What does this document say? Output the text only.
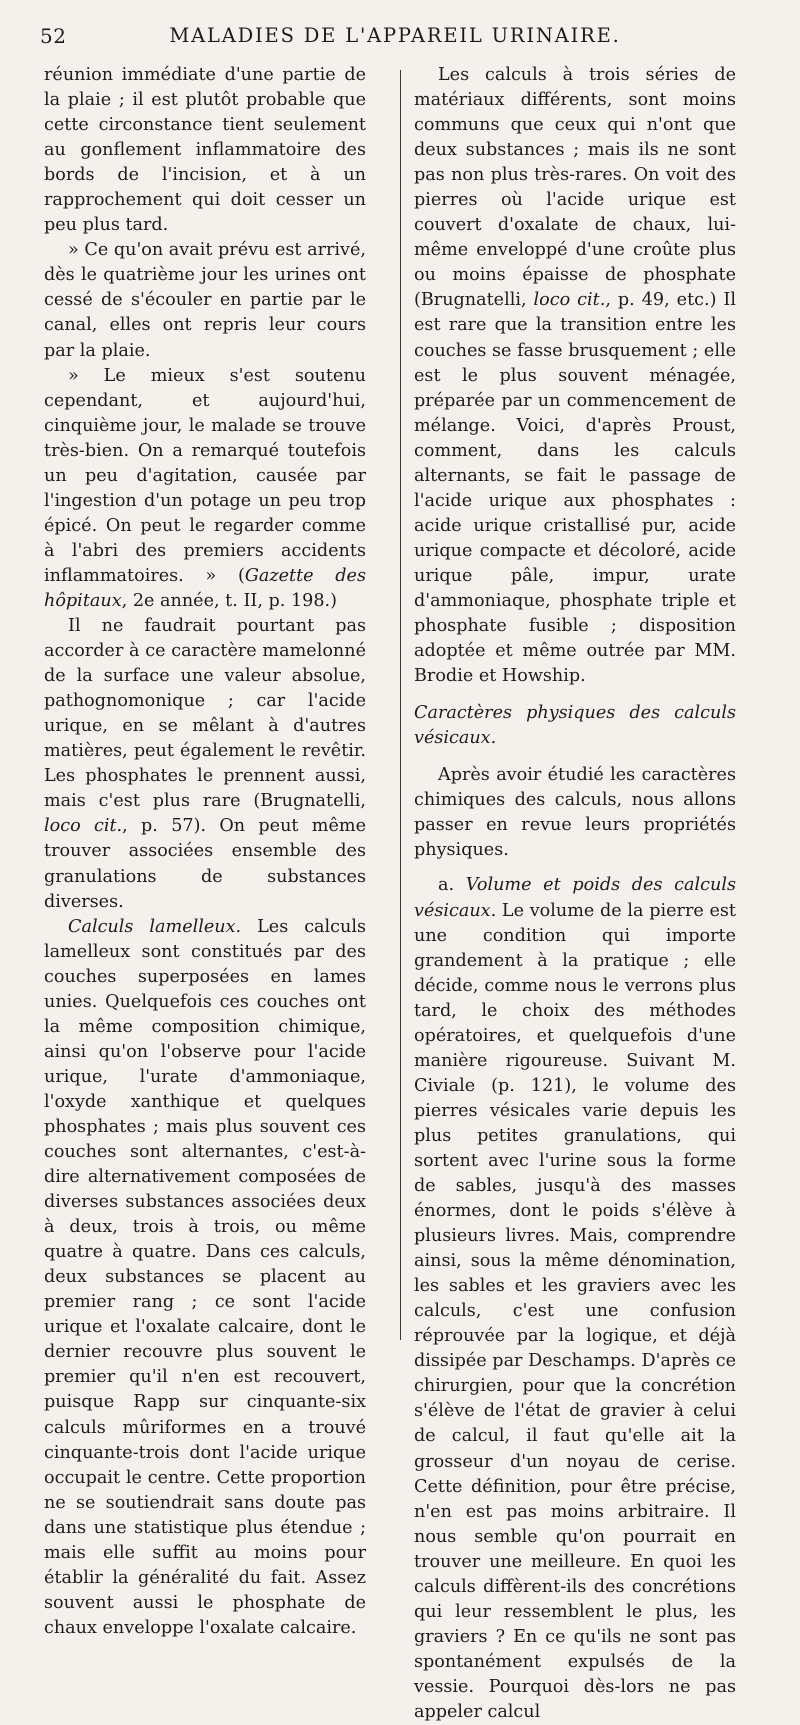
52	MALADIES DE L'APPAREIL URINAIRE.

réunion immédiate d'une partie de la plaie ; il est plutôt probable que cette circonstance tient seulement au gonflement inflammatoire des bords de l'incision, et à un rapprochement qui doit cesser un peu plus tard.

» Ce qu'on avait prévu est arrivé, dès le quatrième jour les urines ont cessé de s'écouler en partie par le canal, elles ont repris leur cours par la plaie.

» Le mieux s'est soutenu cependant, et aujourd'hui, cinquième jour, le malade se trouve très-bien. On a remarqué toutefois un peu d'agitation, causée par l'ingestion d'un potage un peu trop épicé. On peut le regarder comme à l'abri des premiers accidents inflammatoires. » (Gazette des hôpitaux, 2e année, t. II, p. 198.)

Il ne faudrait pourtant pas accorder à ce caractère mamelonné de la surface une valeur absolue, pathognomonique ; car l'acide urique, en se mêlant à d'autres matières, peut également le revêtir. Les phosphates le prennent aussi, mais c'est plus rare (Brugnatelli, loco cit., p. 57). On peut même trouver associées ensemble des granulations de substances diverses.

Calculs lamelleux. Les calculs lamelleux sont constitués par des couches superposées en lames unies. Quelquefois ces couches ont la même composition chimique, ainsi qu'on l'observe pour l'acide urique, l'urate d'ammoniaque, l'oxyde xanthique et quelques phosphates ; mais plus souvent ces couches sont alternantes, c'est-à-dire alternativement composées de diverses substances associées deux à deux, trois à trois, ou même quatre à quatre. Dans ces calculs, deux substances se placent au premier rang ; ce sont l'acide urique et l'oxalate calcaire, dont le dernier recouvre plus souvent le premier qu'il n'en est recouvert, puisque Rapp sur cinquante-six calculs mûriformes en a trouvé cinquante-trois dont l'acide urique occupait le centre. Cette proportion ne se soutiendrait sans doute pas dans une statistique plus étendue ; mais elle suffit au moins pour établir la généralité du fait. Assez souvent aussi le phosphate de chaux enveloppe l'oxalate calcaire.

Les calculs à trois séries de matériaux différents, sont moins communs que ceux qui n'ont que deux substances ; mais ils ne sont pas non plus très-rares. On voit des pierres où l'acide urique est couvert d'oxalate de chaux, lui-même enveloppé d'une croûte plus ou moins épaisse de phosphate (Brugnatelli, loco cit., p. 49, etc.) Il est rare que la transition entre les couches se fasse brusquement ; elle est le plus souvent ménagée, préparée par un commencement de mélange. Voici, d'après Proust, comment, dans les calculs alternants, se fait le passage de l'acide urique aux phosphates : acide urique cristallisé pur, acide urique compacte et décoloré, acide urique pâle, impur, urate d'ammoniaque, phosphate triple et phosphate fusible ; disposition adoptée et même outrée par MM. Brodie et Howship.

Caractères physiques des calculs vésicaux.

Après avoir étudié les caractères chimiques des calculs, nous allons passer en revue leurs propriétés physiques.

a. Volume et poids des calculs vésicaux. Le volume de la pierre est une condition qui importe grandement à la pratique ; elle décide, comme nous le verrons plus tard, le choix des méthodes opératoires, et quelquefois d'une manière rigoureuse. Suivant M. Civiale (p. 121), le volume des pierres vésicales varie depuis les plus petites granulations, qui sortent avec l'urine sous la forme de sables, jusqu'à des masses énormes, dont le poids s'élève à plusieurs livres. Mais, comprendre ainsi, sous la même dénomination, les sables et les graviers avec les calculs, c'est une confusion réprouvée par la logique, et déjà dissipée par Deschamps. D'après ce chirurgien, pour que la concrétion s'élève de l'état de gravier à celui de calcul, il faut qu'elle ait la grosseur d'un noyau de cerise. Cette définition, pour être précise, n'en est pas moins arbitraire. Il nous semble qu'on pourrait en trouver une meilleure. En quoi les calculs diffèrent-ils des concrétions qui leur ressemblent le plus, les graviers ? En ce qu'ils ne sont pas spontanément expulsés de la vessie. Pourquoi dès-lors ne pas appeler calcul
